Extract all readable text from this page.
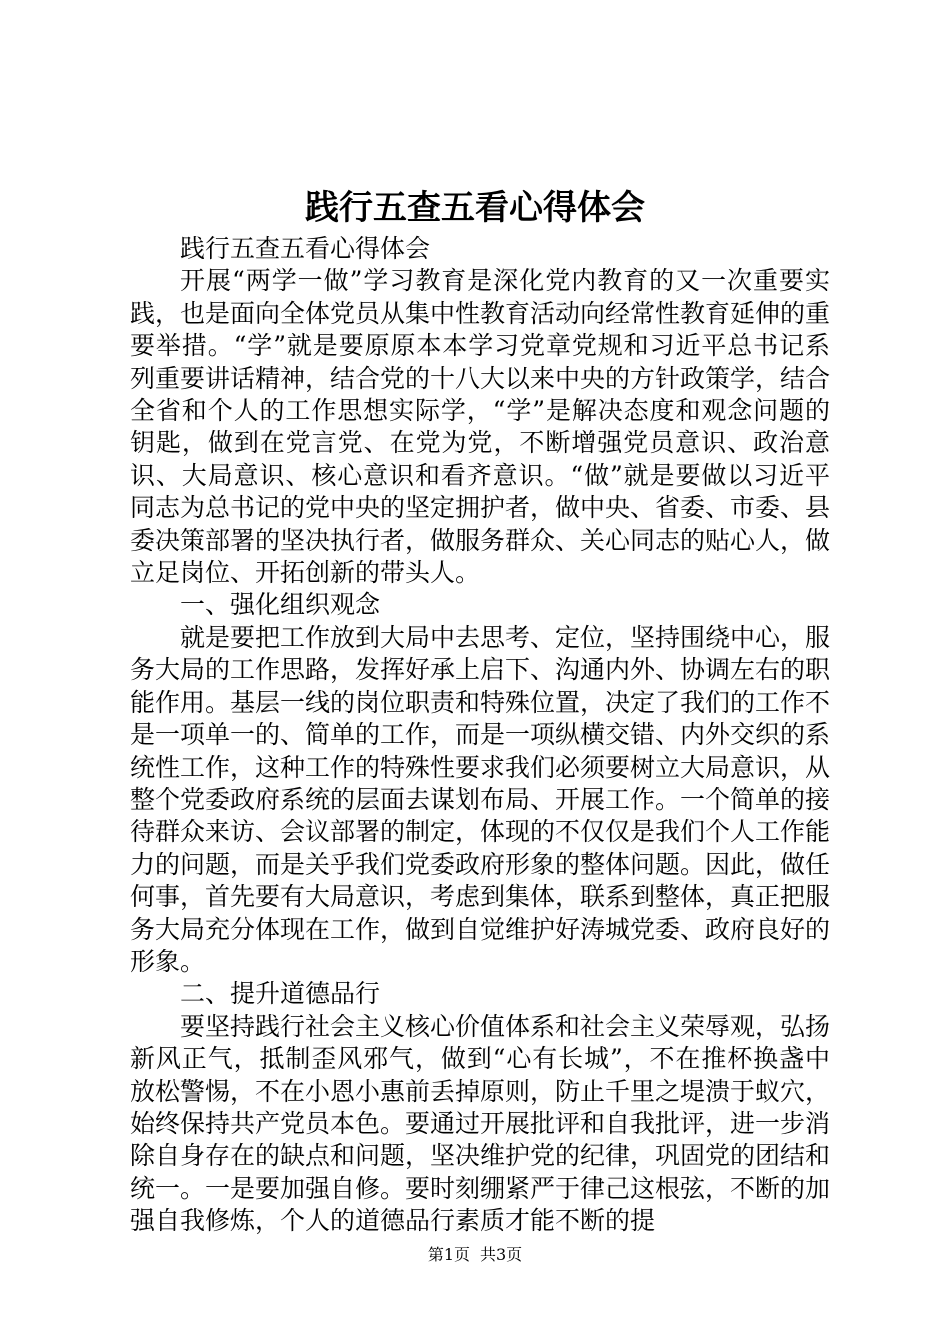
践行五查五看心得体会

践行五查五看心得体会

开展“两学一做”学习教育是深化党内教育的又一次重要实践，也是面向全体党员从集中性教育活动向经常性教育延伸的重要举措。“学”就是要原原本本学习党章党规和习近平总书记系列重要讲话精神，结合党的十八大以来中央的方针政策学，结合全省和个人的工作思想实际学，“学”是解决态度和观念问题的钥匙，做到在党言党、在党为党，不断增强党员意识、政治意识、大局意识、核心意识和看齐意识。“做”就是要做以习近平同志为总书记的党中央的坚定拥护者，做中央、省委、市委、县委决策部署的坚决执行者，做服务群众、关心同志的贴心人，做立足岗位、开拓创新的带头人。

一、强化组织观念

就是要把工作放到大局中去思考、定位，坚持围绕中心，服务大局的工作思路，发挥好承上启下、沟通内外、协调左右的职能作用。基层一线的岗位职责和特殊位置，决定了我们的工作不是一项单一的、简单的工作，而是一项纵横交错、内外交织的系统性工作，这种工作的特殊性要求我们必须要树立大局意识，从整个党委政府系统的层面去谋划布局、开展工作。一个简单的接待群众来访、会议部署的制定，体现的不仅仅是我们个人工作能力的问题，而是关乎我们党委政府形象的整体问题。因此，做任何事，首先要有大局意识，考虑到集体，联系到整体，真正把服务大局充分体现在工作，做到自觉维护好涛城党委、政府良好的形象。

二、提升道德品行

要坚持践行社会主义核心价值体系和社会主义荣辱观，弘扬新风正气，抵制歪风邪气，做到“心有长城”，不在推杯换盏中放松警惕，不在小恩小惠前丢掉原则，防止千里之堤溃于蚁穴，始终保持共产党员本色。要通过开展批评和自我批评，进一步消除自身存在的缺点和问题，坚决维护党的纪律，巩固党的团结和统一。一是要加强自修。要时刻绷紧严于律己这根弦，不断的加强自我修炼，个人的道德品行素质才能不断的提

第1页 共3页
